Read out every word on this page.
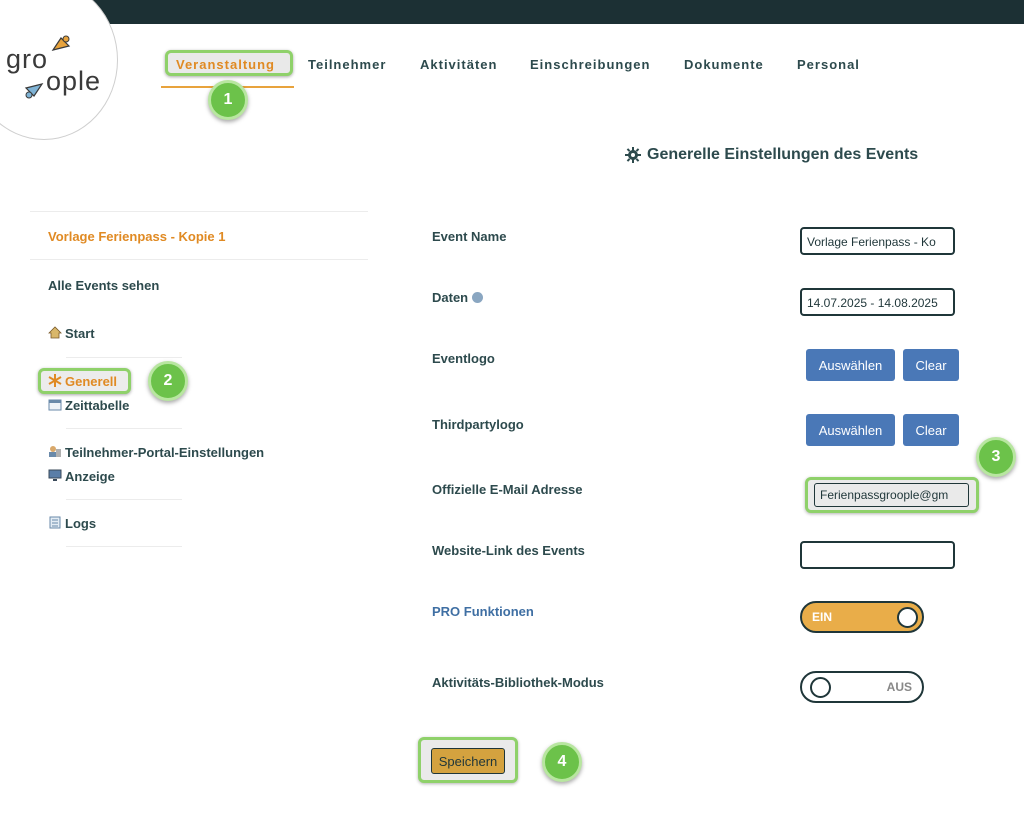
gro
ople
Veranstaltung	Teilnehmer	Aktivitäten	Einschreibungen	Dokumente	Personal
1
2
3
4
Generelle Einstellungen des Events
Vorlage Ferienpass - Kopie 1
Alle Events sehen
Start
Generell
Zeittabelle
Teilnehmer-Portal-Einstellungen
Anzeige
Logs
Event Name	Vorlage Ferienpass - Ko
Daten	14.07.2025 - 14.08.2025
Eventlogo	Auswählen	Clear
Thirdpartylogo	Auswählen	Clear
Offizielle E-Mail Adresse	Ferienpassgroople@gm
Website-Link des Events
PRO Funktionen	EIN
Aktivitäts-Bibliothek-Modus	AUS
Speichern
